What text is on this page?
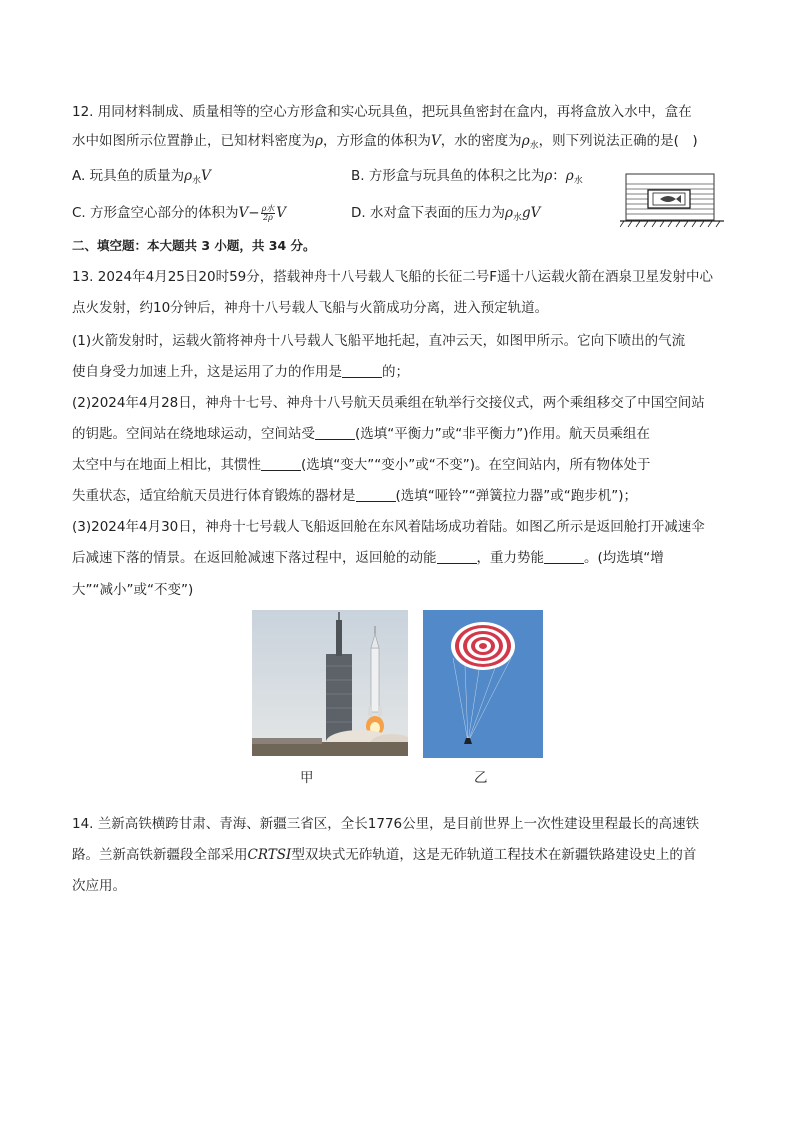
12. 用同材料制成、质量相等的空心方形盒和实心玩具鱼，把玩具鱼密封在盒内，再将盒放入水中，盒在
水中如图所示位置静止，已知材料密度为ρ，方形盒的体积为V，水的密度为$\rho_水$，则下列说法正确的是(　)
A. 玩具鱼的质量为$\rho_水V$	B. 方形盒与玩具鱼的体积之比为ρ：$\rho_水$
C. 方形盒空心部分的体积为$V- \frac{\text{ρ水}}{2\rho}$ V	D. 水对盒下表面的压力为$\rho_水gV$
二、填空题：本大题共 3 小题，共 34 分。
13. 2024年4月25日20时59分，搭载神舟十八号载人飞船的长征二号F遥十八运载火箭在酒泉卫星发射中心
点火发射，约10分钟后，神舟十八号载人飞船与火箭成功分离，进入预定轨道。
(1)火箭发射时，运载火箭将神舟十八号载人飞船平地托起，直冲云天，如图甲所示。它向下喷出的气流
使自身受力加速上升，这是运用了力的作用是	的；
(2)2024年4月28日，神舟十七号、神舟十八号航天员乘组在轨举行交接仪式，两个乘组移交了中国空间站
的钥匙。空间站在绕地球运动，空间站受	(选填“平衡力”或“非平衡力”)作用。航天员乘组在
太空中与在地面上相比，其惯性	(选填“变大”“变小”或“不变”)。在空间站内，所有物体处于
失重状态，适宜给航天员进行体育锻炼的器材是	(选填“哑铃”“弹簧拉力器”或“跑步机”)；
(3)2024年4月30日，神舟十七号载人飞船返回舱在东风着陆场成功着陆。如图乙所示是返回舱打开减速伞
后减速下落的情景。在返回舱减速下落过程中，返回舱的动能	，重力势能	。(均选填“增
大”“减小”或“不变”)
甲	乙
14. 兰新高铁横跨甘肃、青海、新疆三省区，全长1776公里，是目前世界上一次性建设里程最长的高速铁
路。兰新高铁新疆段全部采用CRTSI型双块式无砟轨道，这是无砟轨道工程技术在新疆铁路建设史上的首
次应用。
